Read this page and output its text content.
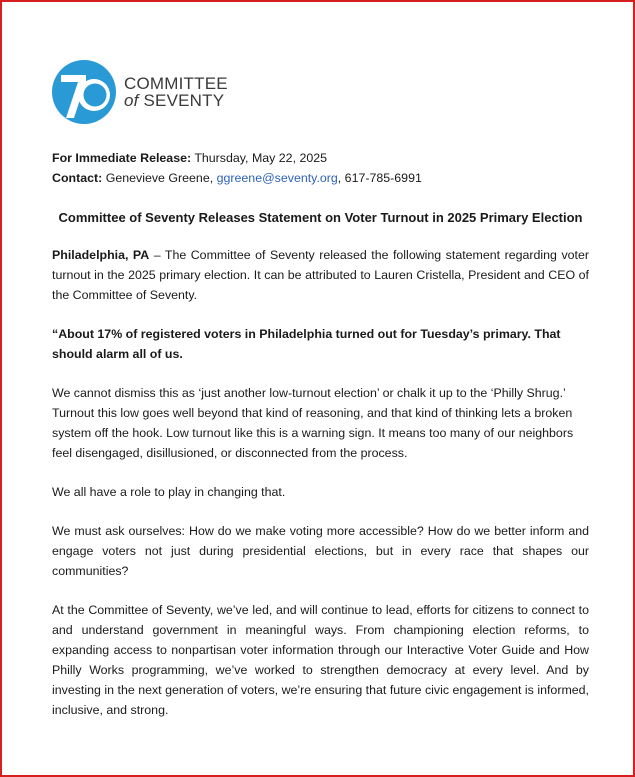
COMMITTEE
of SEVENTY
For Immediate Release: Thursday, May 22, 2025
Contact: Genevieve Greene, ggreene@seventy.org, 617-785-6991
Committee of Seventy Releases Statement on Voter Turnout in 2025 Primary Election

Philadelphia, PA – The Committee of Seventy released the following statement regarding voter turnout in the 2025 primary election. It can be attributed to Lauren Cristella, President and CEO of the Committee of Seventy.

“About 17% of registered voters in Philadelphia turned out for Tuesday’s primary. That should alarm all of us.

We cannot dismiss this as ‘just another low-turnout election’ or chalk it up to the ‘Philly Shrug.’ Turnout this low goes well beyond that kind of reasoning, and that kind of thinking lets a broken system off the hook. Low turnout like this is a warning sign. It means too many of our neighbors feel disengaged, disillusioned, or disconnected from the process.

We all have a role to play in changing that.

We must ask ourselves: How do we make voting more accessible? How do we better inform and engage voters not just during presidential elections, but in every race that shapes our communities?

At the Committee of Seventy, we’ve led, and will continue to lead, efforts for citizens to connect to and understand government in meaningful ways. From championing election reforms, to expanding access to nonpartisan voter information through our Interactive Voter Guide and How Philly Works programming, we’ve worked to strengthen democracy at every level. And by investing in the next generation of voters, we’re ensuring that future civic engagement is informed, inclusive, and strong.
